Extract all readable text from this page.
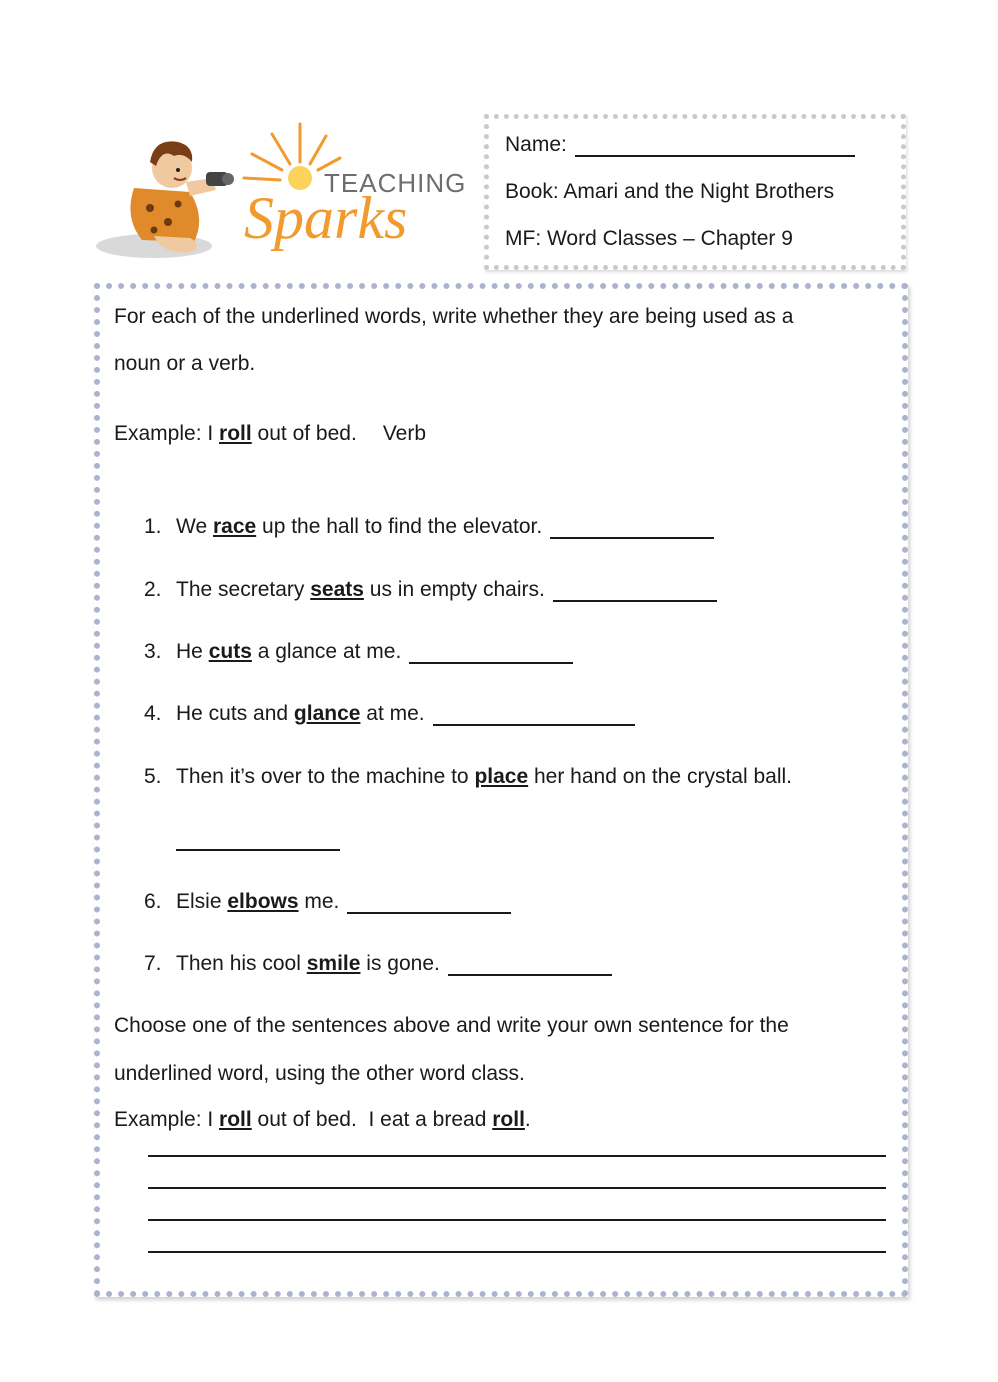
TEACHING
Sparks
Name:
Book: Amari and the Night Brothers
MF: Word Classes – Chapter 9
For each of the underlined words, write whether they are being used as a
noun or a verb.
Example: I roll out of bed. Verb
1. We race up the hall to find the elevator.
2. The secretary seats us in empty chairs.
3. He cuts a glance at me.
4. He cuts and glance at me.
5. Then it’s over to the machine to place her hand on the crystal ball.
6. Elsie elbows me.
7. Then his cool smile is gone.
Choose one of the sentences above and write your own sentence for the
underlined word, using the other word class.
Example: I roll out of bed.  I eat a bread roll.
